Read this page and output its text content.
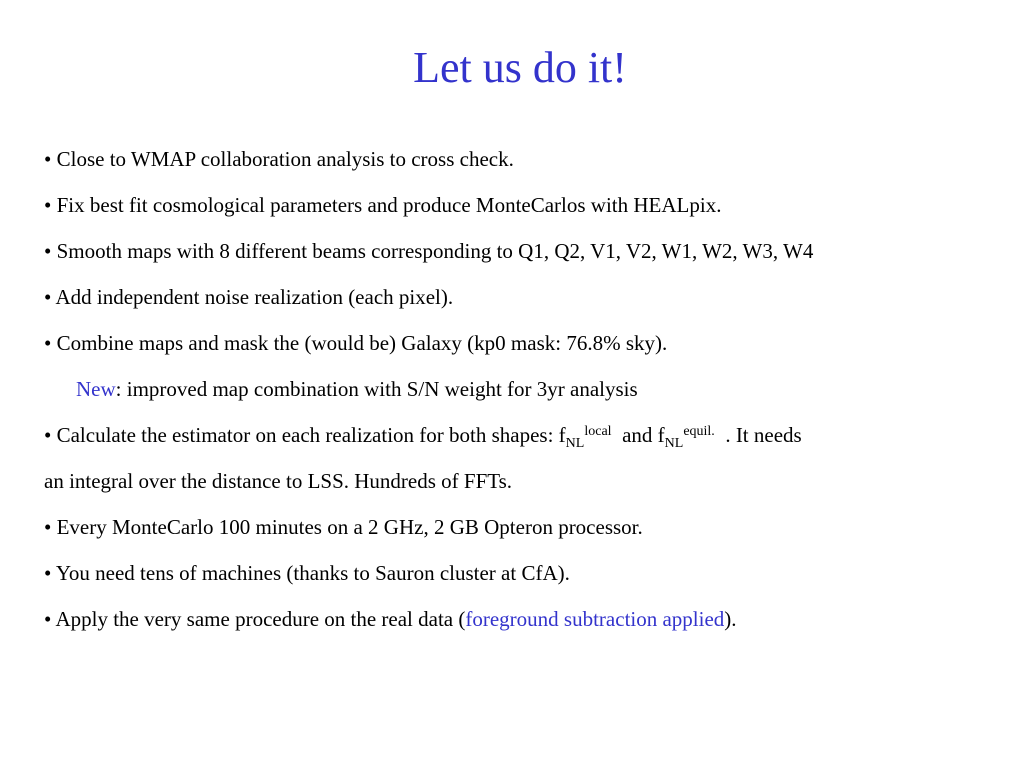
Let us do it!
• Close to WMAP collaboration analysis to cross check.
• Fix best fit cosmological parameters and produce MonteCarlos with HEALpix.
• Smooth maps with 8 different beams corresponding to Q1, Q2, V1, V2, W1, W2, W3, W4
• Add independent noise realization (each pixel).
• Combine maps and mask the (would be) Galaxy (kp0 mask: 76.8% sky).
New: improved map combination with S/N weight for 3yr analysis
• Calculate the estimator on each realization for both shapes: $f_{NL}^{local}$ and $f_{NL}^{equil.}$ . It needs
an integral over the distance to LSS. Hundreds of FFTs.
• Every MonteCarlo 100 minutes on a 2 GHz, 2 GB Opteron processor.
• You need tens of machines (thanks to Sauron cluster at CfA).
• Apply the very same procedure on the real data (foreground subtraction applied).
